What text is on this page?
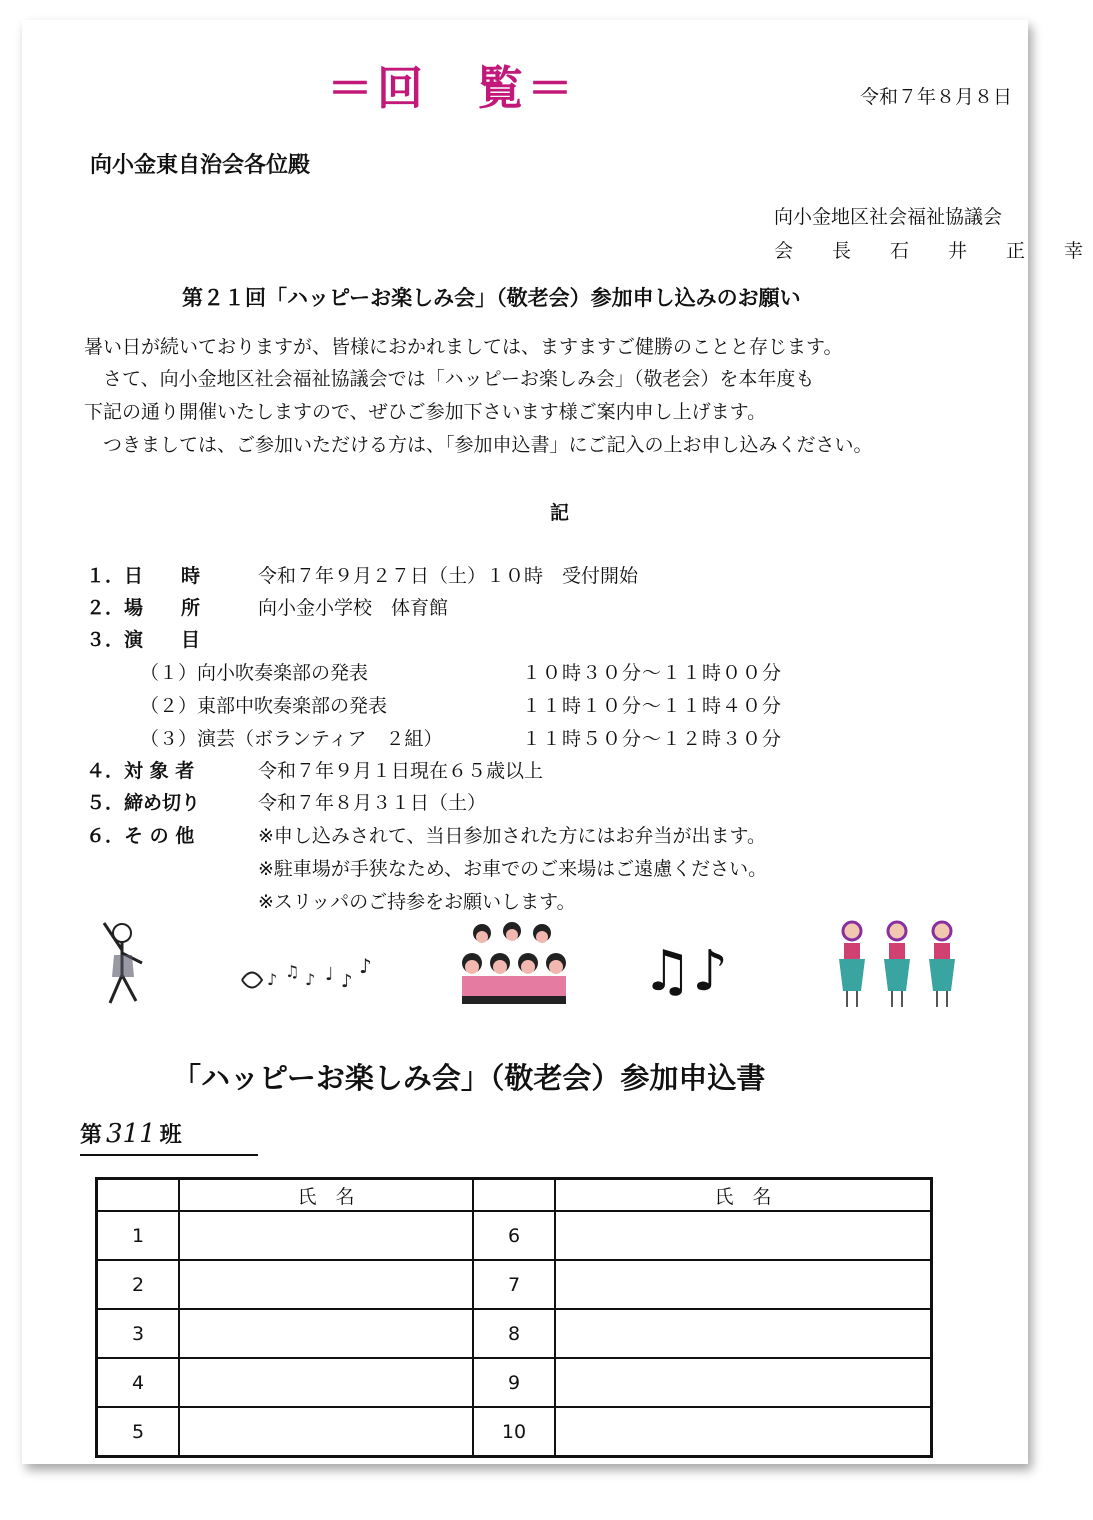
＝回　覧＝	令和７年８月８日
向小金東自治会各位殿
向小金地区社会福祉協議会
会　長　石　井　正　幸
第２１回「ハッピーお楽しみ会」（敬老会）参加申し込みのお願い
暑い日が続いておりますが、皆様におかれましては、ますますご健勝のことと存じます。
　さて、向小金地区社会福祉協議会では「ハッピーお楽しみ会」（敬老会）を本年度も
下記の通り開催いたしますので、ぜひご参加下さいます様ご案内申し上げます。
　つきましては、ご参加いただける方は、「参加申込書」にご記入の上お申し込みください。
記
１．日　　時	令和７年９月２７日（土）１０時　受付開始
２．場　　所	向小金小学校　体育館
３．演　　目
（１）向小吹奏楽部の発表	１０時３０分～１１時００分
（２）東部中吹奏楽部の発表	１１時１０分～１１時４０分
（３）演芸（ボランティア　２組）	１１時５０分～１２時３０分
４．対 象 者	令和７年９月１日現在６５歳以上
５．締め切り	令和７年８月３１日（土）
６．そ の 他	※申し込みされて、当日参加された方にはお弁当が出ます。
※駐車場が手狭なため、お車でのご来場はご遠慮ください。
※スリッパのご持参をお願いします。
♪ ♫ ♪ ♩ ♪
♪	♫♪
「ハッピーお楽しみ会」（敬老会）参加申込書
第 311 班
	氏　名		氏　名
1		6	
2		7	
3		8	
4		9	
5		10	
